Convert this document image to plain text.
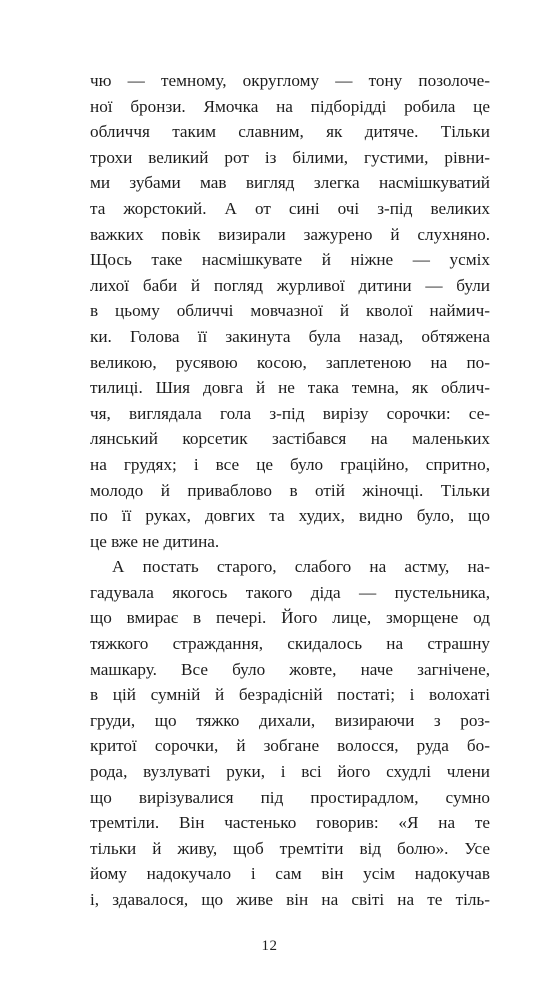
чю — темному, округлому — тону позолоче-
ної бронзи. Ямочка на підборідді робила це
обличчя таким славним, як дитяче. Тільки
трохи великий рот із білими, густими, рівни-
ми зубами мав вигляд злегка насмішкуватий
та жорстокий. А от сині очі з-під великих
важких повік визирали зажурено й слухняно.
Щось таке насмішкувате й ніжне — усміх
лихої баби й погляд журливої дитини — були
в цьому обличчі мовчазної й кволої наймич-
ки. Голова її закинута була назад, обтяжена
великою, русявою косою, заплетеною на по-
тилиці. Шия довга й не така темна, як облич-
чя, виглядала гола з-під вирізу сорочки: се-
лянський корсетик застібався на маленьких
на грудях; і все це було граційно, спритно,
молодо й приваблово в отій жіночці. Тільки
по її руках, довгих та худих, видно було, що
це вже не дитина.
А постать старого, слабого на астму, на-
гадувала якогось такого діда — пустельника,
що вмирає в печері. Його лице, зморщене од
тяжкого страждання, скидалось на страшну
машкару. Все було жовте, наче загнічене,
в цій сумній й безрадісній постаті; і волохаті
груди, що тяжко дихали, визираючи з роз-
критої сорочки, й зобгане волосся, руда бо-
рода, вузлуваті руки, і всі його схудлі члени
що вирізувалися під простирадлом, сумно
тремтіли. Він частенько говорив: «Я на те
тільки й живу, щоб тремтіти від болю». Усе
йому надокучало і сам він усім надокучав
і, здавалося, що живе він на світі на те тіль-
12
